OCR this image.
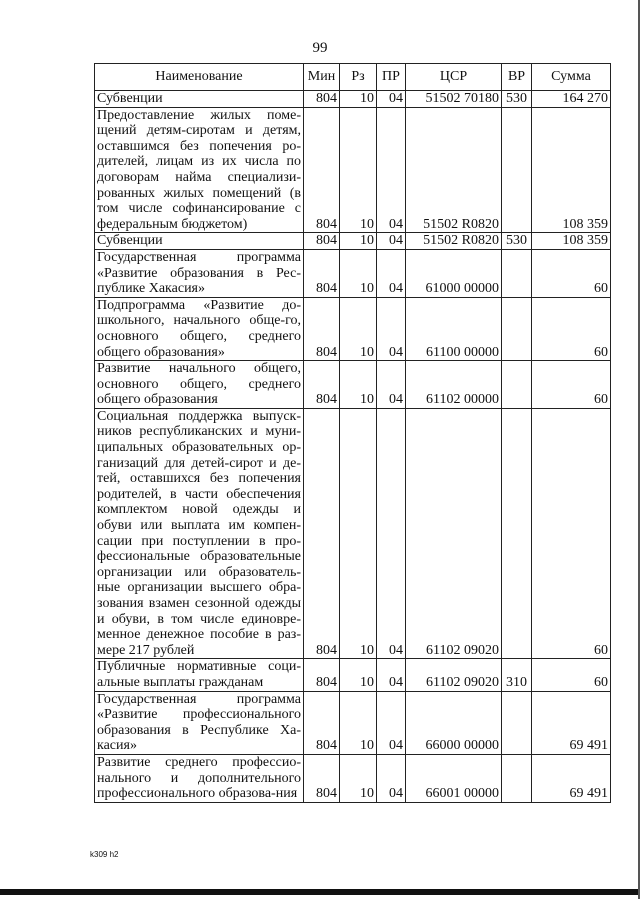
99
Наименование	Мин	Рз	ПР	ЦСР	ВР	Сумма
Субвенции	804	10	04	51502 70180	530	164 270
Предоставление жилых поме-щений детям-сиротам и детям, оставшимся без попечения ро-дителей, лицам из их числа по договорам найма специализи-рованных жилых помещений (в том числе софинансирование с федеральным бюджетом)	804	10	04	51502 R0820		108 359
Субвенции	804	10	04	51502 R0820	530	108 359
Государственная программа «Развитие образования в Рес-публике Хакасия»	804	10	04	61000 00000		60
Подпрограмма «Развитие до-школьного, начального обще-го, основного общего, среднего общего образования»	804	10	04	61100 00000		60
Развитие начального общего, основного общего, среднего общего образования	804	10	04	61102 00000		60
Социальная поддержка выпуск-ников республиканских и муни-ципальных образовательных ор-ганизаций для детей-сирот и де-тей, оставшихся без попечения родителей, в части обеспечения комплектом новой одежды и обуви или выплата им компен-сации при поступлении в про-фессиональные образовательные организации или образователь-ные организации высшего обра-зования взамен сезонной одежды и обуви, в том числе единовре-менное денежное пособие в раз-мере 217 рублей	804	10	04	61102 09020		60
Публичные нормативные соци-альные выплаты гражданам	804	10	04	61102 09020	310	60
Государственная программа «Развитие профессионального образования в Республике Ха-касия»	804	10	04	66000 00000		69 491
Развитие среднего профессио-нального и дополнительного профессионального образова-ния	804	10	04	66001 00000		69 491
k309 h2
